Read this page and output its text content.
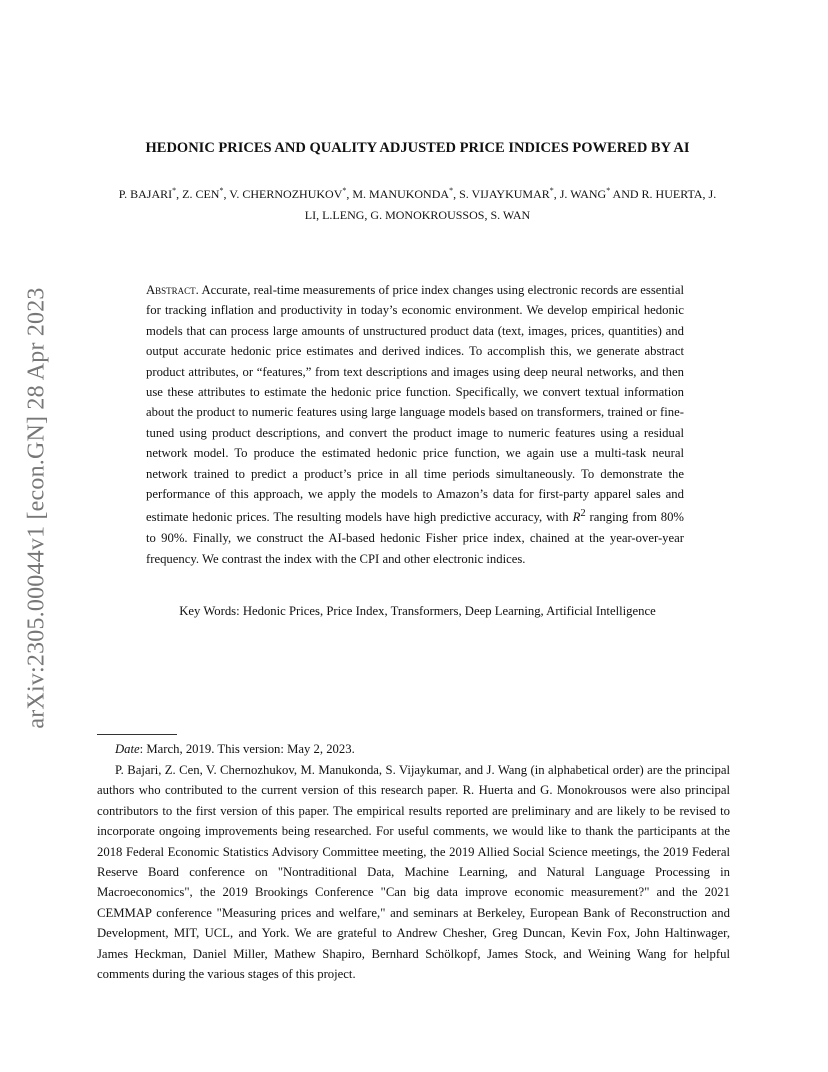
arXiv:2305.00044v1 [econ.GN] 28 Apr 2023
HEDONIC PRICES AND QUALITY ADJUSTED PRICE INDICES POWERED BY AI
P. BAJARI*, Z. CEN*, V. CHERNOZHUKOV*, M. MANUKONDA*, S. VIJAYKUMAR*, J. WANG* AND R. HUERTA, J.
LI, L.LENG, G. MONOKROUSSOS, S. WAN

Abstract. Accurate, real-time measurements of price index changes using electronic records are essential for tracking inflation and productivity in today’s economic environment. We develop empirical hedonic models that can process large amounts of unstructured product data (text, images, prices, quantities) and output accurate hedonic price estimates and derived indices. To accomplish this, we generate abstract product attributes, or “features,” from text descriptions and images using deep neural networks, and then use these attributes to estimate the hedonic price function. Specifically, we convert textual information about the product to numeric features using large language models based on transformers, trained or fine-tuned using product descriptions, and convert the product image to numeric features using a residual network model. To produce the estimated hedonic price function, we again use a multi-task neural network trained to predict a product’s price in all time periods simultaneously. To demonstrate the performance of this approach, we apply the models to Amazon’s data for first-party apparel sales and estimate hedonic prices. The resulting models have high predictive accuracy, with $R^2$ ranging from 80% to 90%. Finally, we construct the AI-based hedonic Fisher price index, chained at the year-over-year frequency. We contrast the index with the CPI and other electronic indices.

Key Words: Hedonic Prices, Price Index, Transformers, Deep Learning, Artificial Intelligence

Date: March, 2019. This version: May 2, 2023.

P. Bajari, Z. Cen, V. Chernozhukov, M. Manukonda, S. Vijaykumar, and J. Wang (in alphabetical order) are the principal authors who contributed to the current version of this research paper. R. Huerta and G. Monokrousos were also principal contributors to the first version of this paper. The empirical results reported are preliminary and are likely to be revised to incorporate ongoing improvements being researched. For useful comments, we would like to thank the participants at the 2018 Federal Economic Statistics Advisory Committee meeting, the 2019 Allied Social Science meetings, the 2019 Federal Reserve Board conference on "Nontraditional Data, Machine Learning, and Natural Language Processing in Macroeconomics", the 2019 Brookings Conference "Can big data improve economic measurement?" and the 2021 CEMMAP conference "Measuring prices and welfare," and seminars at Berkeley, European Bank of Reconstruction and Development, MIT, UCL, and York. We are grateful to Andrew Chesher, Greg Duncan, Kevin Fox, John Haltinwager, James Heckman, Daniel Miller, Mathew Shapiro, Bernhard Schölkopf, James Stock, and Weining Wang for helpful comments during the various stages of this project.
